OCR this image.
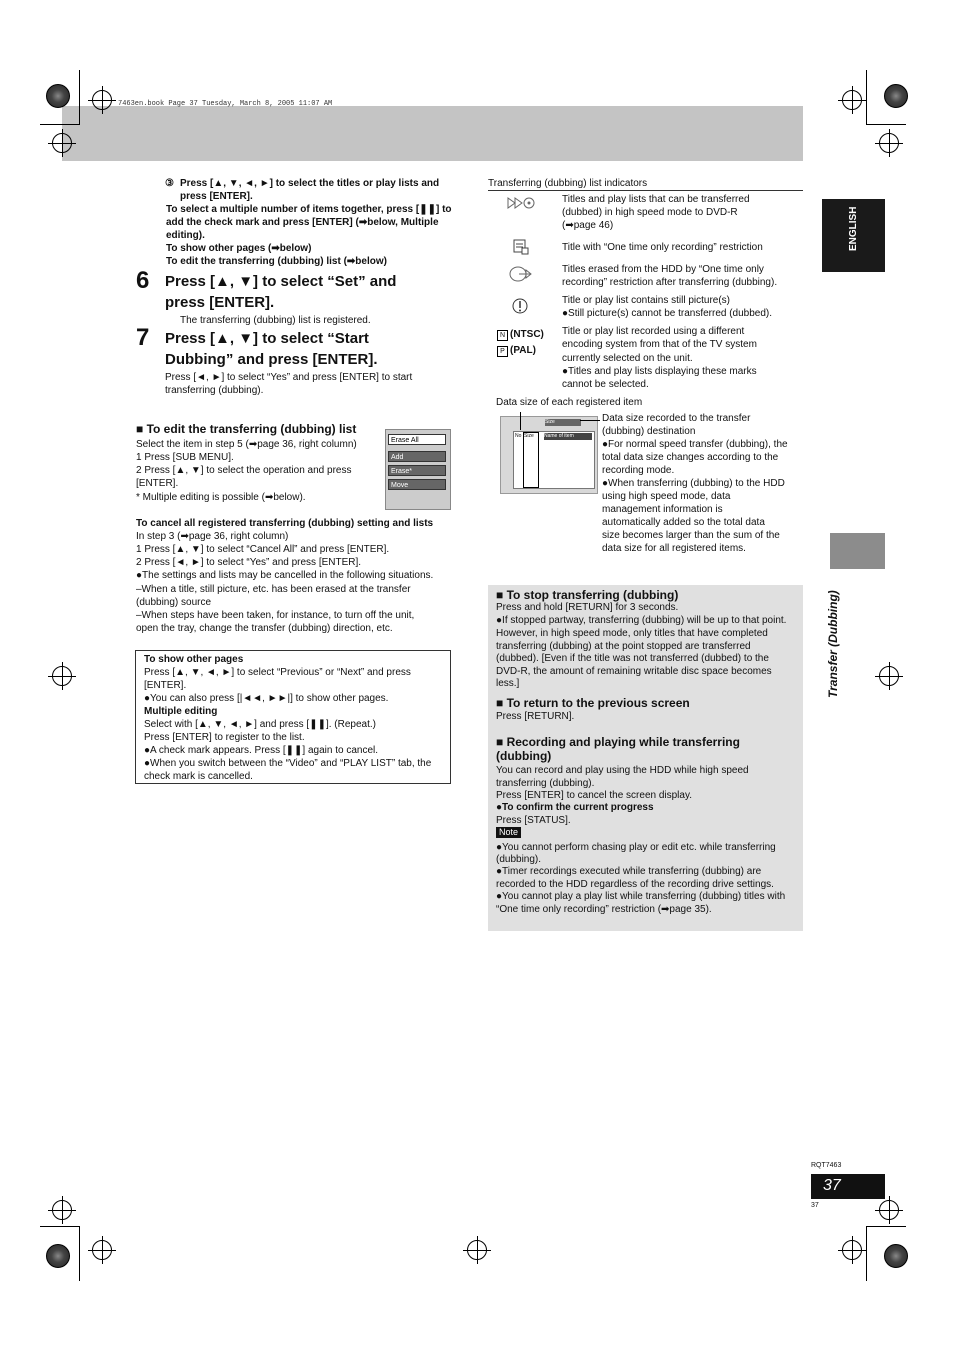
7463en.book Page 37 Tuesday, March 8, 2005 11:07 AM
③ Press [▲, ▼, ◄, ►] to select the titles or play lists and press [ENTER].
To select a multiple number of items together, press [❚❚] to add the check mark and press [ENTER] (➡below, Multiple editing).
To show other pages (➡below)
To edit the transferring (dubbing) list (➡below)
6 Press [▲, ▼] to select “Set” and
press [ENTER].
The transferring (dubbing) list is registered.
7 Press [▲, ▼] to select “Start
Dubbing” and press [ENTER].
Press [◄, ►] to select “Yes” and press [ENTER] to start
transferring (dubbing).
■ To edit the transferring (dubbing) list
Select the item in step 5 (➡page 36, right column)
1 Press [SUB MENU].
2 Press [▲, ▼] to select the operation and press
[ENTER].
* Multiple editing is possible (➡below).
Erase All
Add
Erase*
Move
To cancel all registered transferring (dubbing) setting and lists
In step 3 (➡page 36, right column)
1 Press [▲, ▼] to select “Cancel All” and press [ENTER].
2 Press [◄, ►] to select “Yes” and press [ENTER].
●The settings and lists may be cancelled in the following situations.
–When a title, still picture, etc. has been erased at the transfer
(dubbing) source
–When steps have been taken, for instance, to turn off the unit,
open the tray, change the transfer (dubbing) direction, etc.
To show other pages
Press [▲, ▼, ◄, ►] to select “Previous” or “Next” and press
[ENTER].
●You can also press [|◄◄, ►►|] to show other pages.
Multiple editing
Select with [▲, ▼, ◄, ►] and press [❚❚]. (Repeat.)
Press [ENTER] to register to the list.
●A check mark appears. Press [❚❚] again to cancel.
●When you switch between the “Video” and “PLAY LIST” tab, the
check mark is cancelled.
Transferring (dubbing) list indicators
Titles and play lists that can be transferred
(dubbed) in high speed mode to DVD-R
(➡page 46)
Title with “One time only recording” restriction
Titles erased from the HDD by “One time only
recording” restriction after transferring (dubbing).
Title or play list contains still picture(s)
●Still picture(s) cannot be transferred (dubbed).
N (NTSC)
P (PAL)
Title or play list recorded using a different
encoding system from that of the TV system
currently selected on the unit.
●Titles and play lists displaying these marks
cannot be selected.
Data size of each registered item
Size
No Size	Name of item
Data size recorded to the transfer
(dubbing) destination
●For normal speed transfer (dubbing), the
total data size changes according to the
recording mode.
●When transferring (dubbing) to the HDD
using high speed mode, data
management information is
automatically added so the total data
size becomes larger than the sum of the
data size for all registered items.
■ To stop transferring (dubbing)
Press and hold [RETURN] for 3 seconds.
●If stopped partway, transferring (dubbing) will be up to that point.
However, in high speed mode, only titles that have completed
transferring (dubbing) at the point stopped are transferred
(dubbed). [Even if the title was not transferred (dubbed) to the
DVD-R, the amount of remaining writable disc space becomes
less.]
■ To return to the previous screen
Press [RETURN].
■ Recording and playing while transferring
(dubbing)
You can record and play using the HDD while high speed
transferring (dubbing).
Press [ENTER] to cancel the screen display.
●To confirm the current progress
Press [STATUS].
Note
●You cannot perform chasing play or edit etc. while transferring
(dubbing).
●Timer recordings executed while transferring (dubbing) are
recorded to the HDD regardless of the recording drive settings.
●You cannot play a play list while transferring (dubbing) titles with
“One time only recording” restriction (➡page 35).
ENGLISH
Transfer (Dubbing)
RQT7463
37
37
